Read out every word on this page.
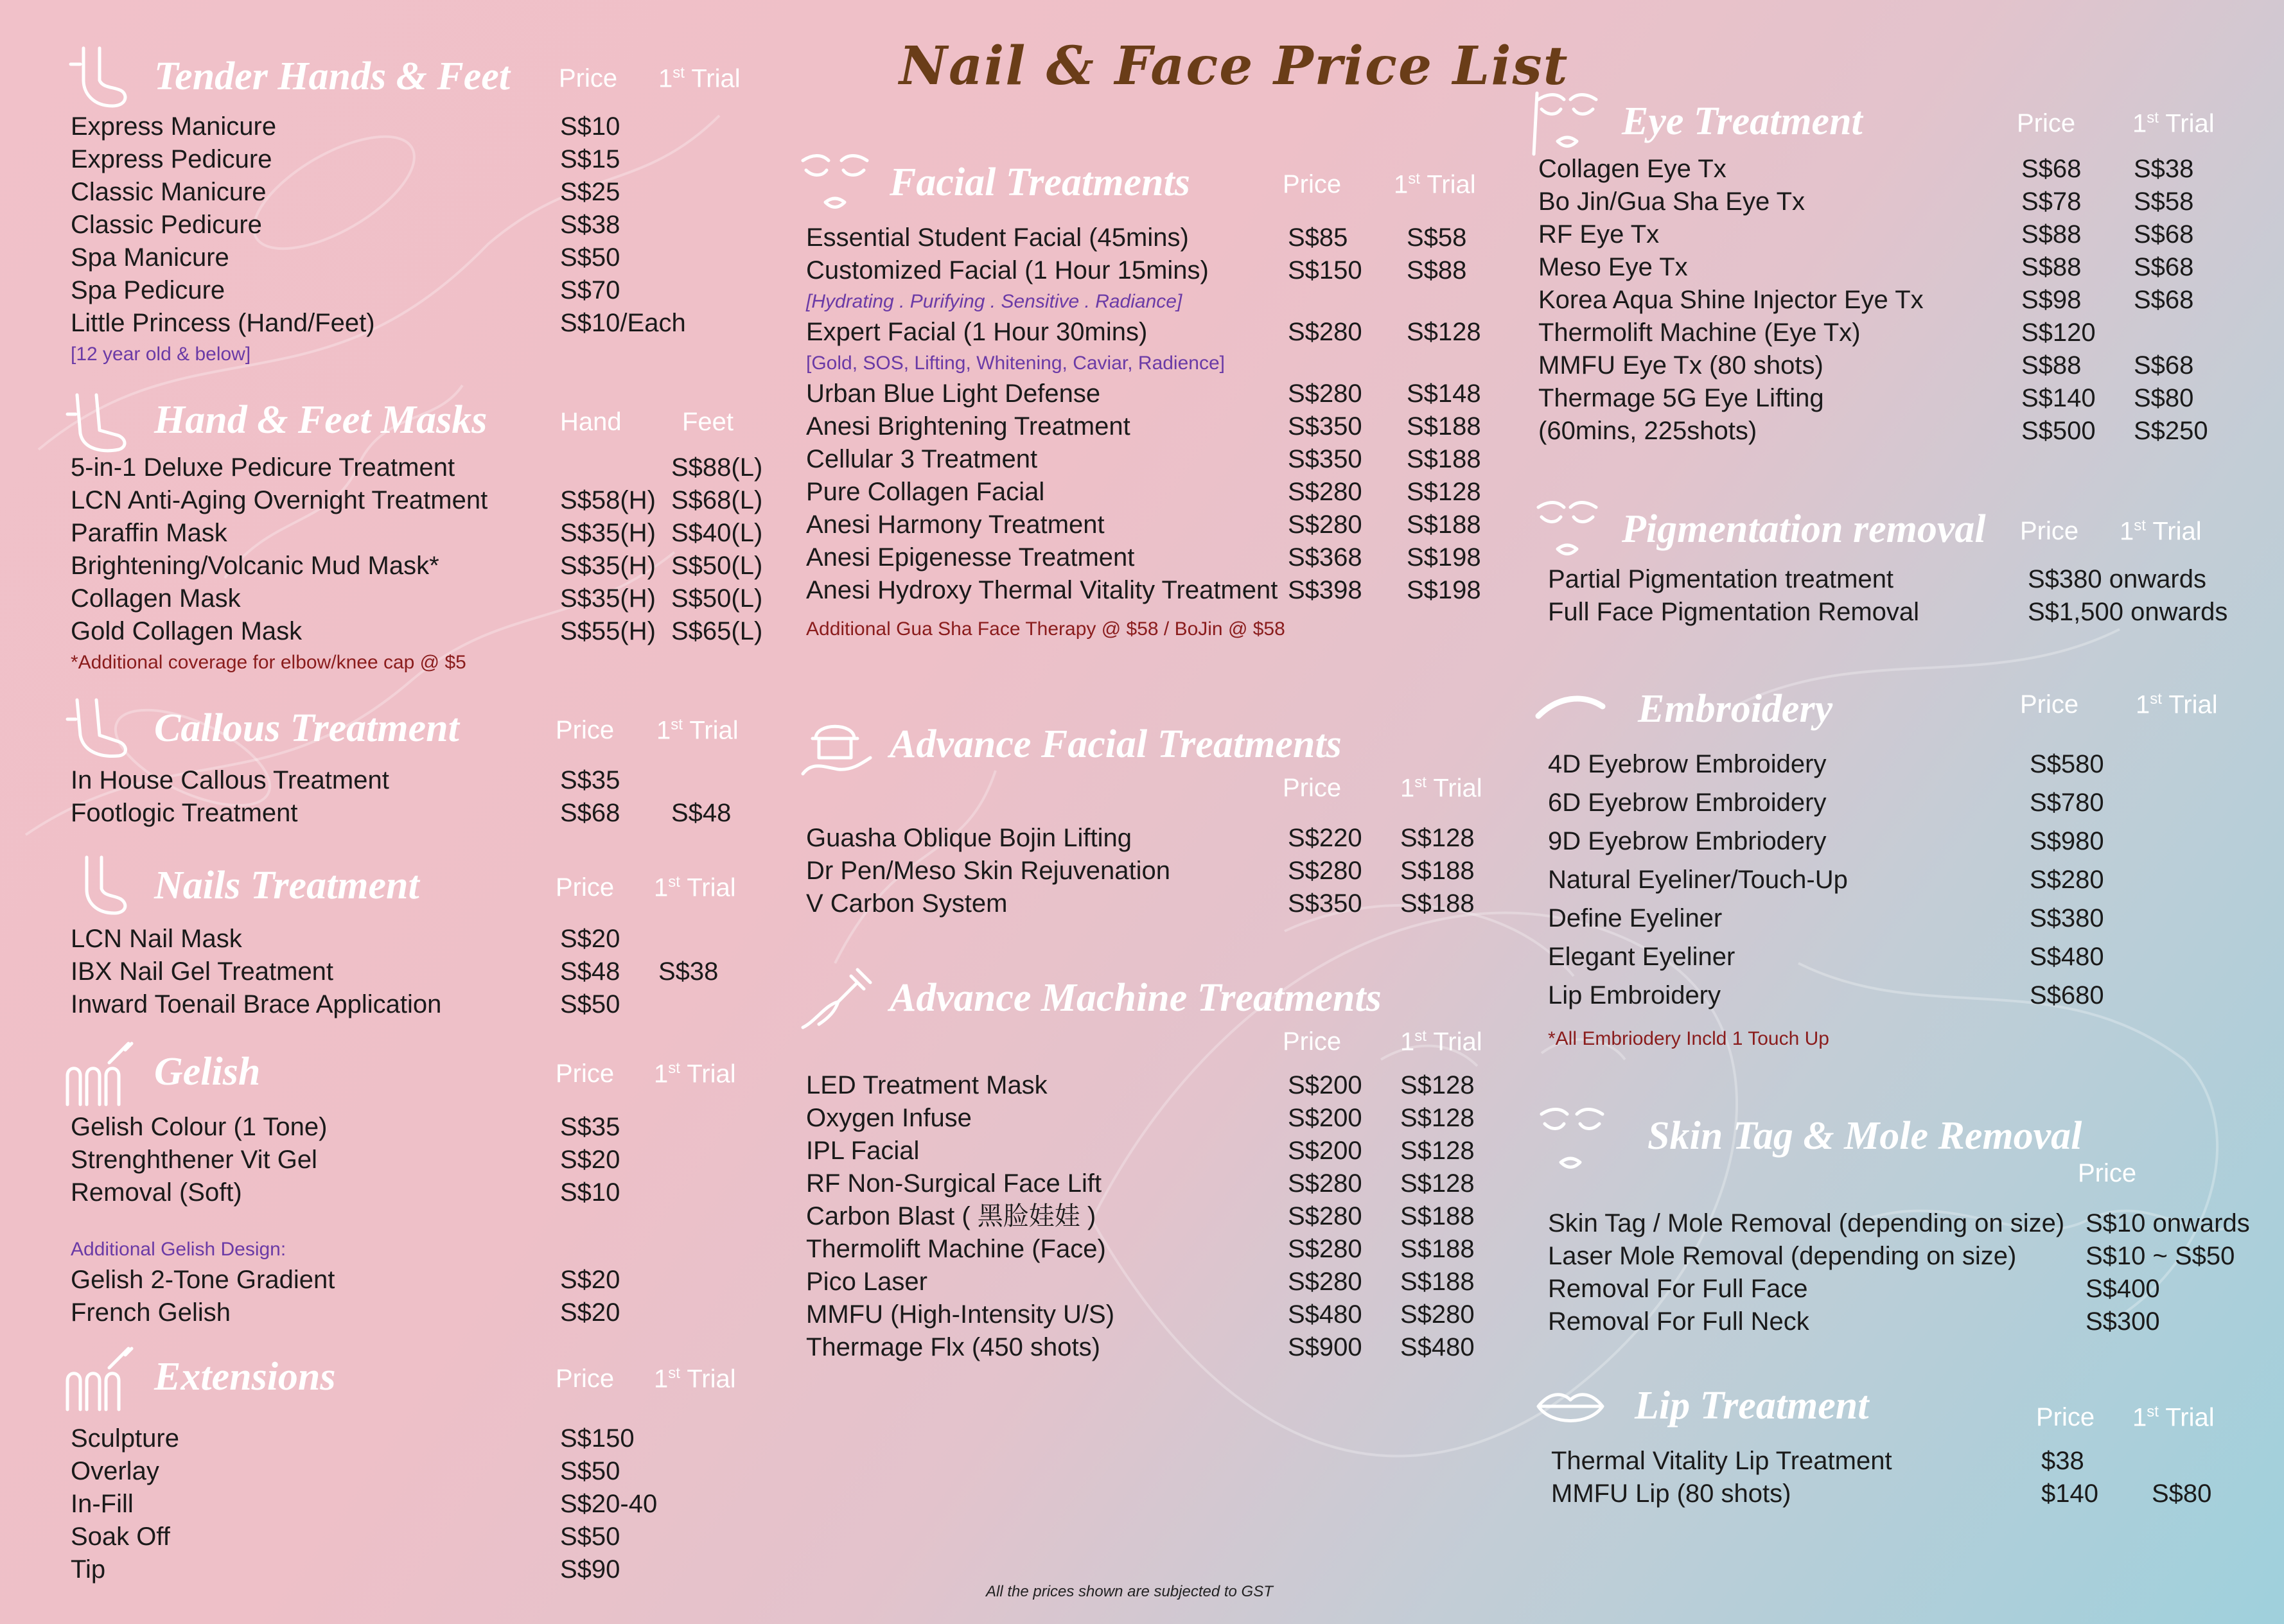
Nail & Face Price List
Tender Hands & Feet Price 1st Trial
Express Manicure	S$10
Express Pedicure	S$15
Classic Manicure	S$25
Classic Pedicure	S$38
Spa Manicure	S$50
Spa Pedicure	S$70
Little Princess (Hand/Feet)	S$10/Each
[12 year old & below]
Hand & Feet Masks	Hand Feet
5-in-1 Deluxe Pedicure Treatment	S$88(L)
LCN Anti-Aging Overnight Treatment	S$58(H) S$68(L)
Paraffin Mask	S$35(H) S$40(L)
Brightening/Volcanic Mud Mask*	S$35(H) S$50(L)
Collagen Mask	S$35(H) S$50(L)
Gold Collagen Mask	S$55(H) S$65(L)
*Additional coverage for elbow/knee cap @ $5
Callous Treatment	Price 1st Trial
In House Callous Treatment	S$35
Footlogic Treatment	S$68 S$48
Nails Treatment	Price 1st Trial
LCN Nail Mask	S$20
IBX Nail Gel Treatment	S$48 S$38
Inward Toenail Brace Application	S$50
Gelish	Price 1st Trial
Gelish Colour (1 Tone)	S$35
Strenghthener Vit Gel	S$20
Removal (Soft)	S$10
Additional Gelish Design:
Gelish 2-Tone Gradient	S$20
French Gelish	S$20
Extensions	Price 1st Trial
Sculpture	S$150
Overlay	S$50
In-Fill	S$20-40
Soak Off	S$50
Tip	S$90
Facial Treatments	Price 1st Trial
Essential Student Facial (45mins)	S$85 S$58
Customized Facial (1 Hour 15mins)	S$150 S$88
[Hydrating . Purifying . Sensitive . Radiance]
Expert Facial (1 Hour 30mins)	S$280 S$128
[Gold, SOS, Lifting, Whitening, Caviar, Radience]
Urban Blue Light Defense	S$280 S$148
Anesi Brightening Treatment	S$350 S$188
Cellular 3 Treatment	S$350 S$188
Pure Collagen Facial	S$280 S$128
Anesi Harmony Treatment	S$280 S$188
Anesi Epigenesse Treatment	S$368 S$198
Anesi Hydroxy Thermal Vitality Treatment S$398 S$198
Additional Gua Sha Face Therapy @ $58 / BoJin @ $58
Advance Facial Treatments
Price 1st Trial
Guasha Oblique Bojin Lifting	S$220 S$128
Dr Pen/Meso Skin Rejuvenation	S$280 S$188
V Carbon System	S$350 S$188
Advance Machine Treatments
Price 1st Trial
LED Treatment Mask	S$200 S$128
Oxygen Infuse	S$200 S$128
IPL Facial	S$200 S$128
RF Non-Surgical Face Lift	S$280 S$128
Carbon Blast ( 黑脸娃娃 )	S$280 S$188
Thermolift Machine (Face)	S$280 S$188
Pico Laser	S$280 S$188
MMFU (High-Intensity U/S)	S$480 S$280
Thermage Flx (450 shots)	S$900 S$480
Eye Treatment	Price 1st Trial
Collagen Eye Tx	S$68 S$38
Bo Jin/Gua Sha Eye Tx	S$78 S$58
RF Eye Tx	S$88 S$68
Meso Eye Tx	S$88 S$68
Korea Aqua Shine Injector Eye Tx	S$98 S$68
Thermolift Machine (Eye Tx)	S$120
MMFU Eye Tx (80 shots)	S$88 S$68
Thermage 5G Eye Lifting	S$140 S$80
(60mins, 225shots)	S$500 S$250
Pigmentation removal Price 1st Trial
Partial Pigmentation treatment	S$380 onwards
Full Face Pigmentation Removal	S$1,500 onwards
Embroidery	Price 1st Trial
4D Eyebrow Embroidery	S$580
6D Eyebrow Embroidery	S$780
9D Eyebrow Embriodery	S$980
Natural Eyeliner/Touch-Up	S$280
Define Eyeliner	S$380
Elegant Eyeliner	S$480
Lip Embroidery	S$680
*All Embriodery Incld 1 Touch Up
Skin Tag & Mole Removal
Price
Skin Tag / Mole Removal (depending on size) S$10 onwards
Laser Mole Removal (depending on size)	S$10 ~ S$50
Removal For Full Face	S$400
Removal For Full Neck	S$300
Lip Treatment	Price 1st Trial
Thermal Vitality Lip Treatment	$38
MMFU Lip (80 shots)	$140 S$80
All the prices shown are subjected to GST
